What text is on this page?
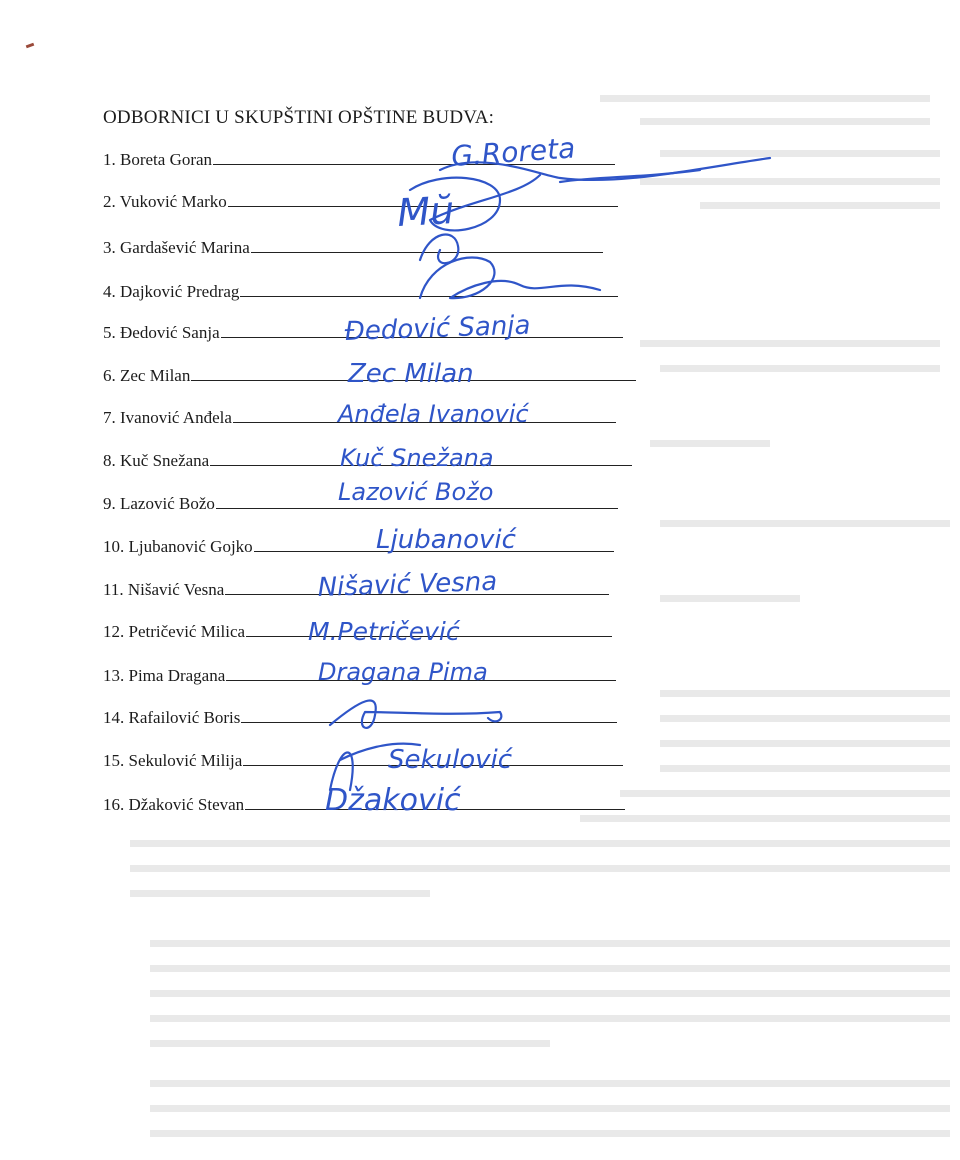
ODBORNICI U SKUPŠTINI OPŠTINE BUDVA:
1. Boreta Goran
2. Vuković Marko
3. Gardašević Marina
4. Dajković Predrag
5. Đedović Sanja
6. Zec Milan
7. Ivanović Anđela
8. Kuč Snežana
9. Lazović Božo
10. Ljubanović Gojko
11. Nišavić Vesna
12. Petričević Milica
13. Pima Dragana
14. Rafailović Boris
15. Sekulović Milija
16. Džaković Stevan
G.Roreta
Mŭ
Đedović Sanja
Zec Milan
Anđela Ivanović
Kuč Snežana
Lazović Božo
Ljubanović
Nišavić Vesna
M.Petričević
Dragana Pima
Sekulović
Džaković
